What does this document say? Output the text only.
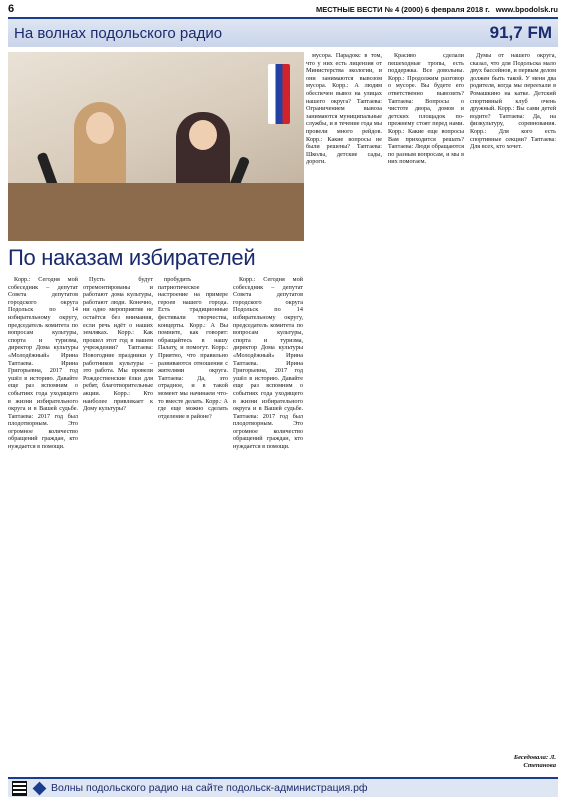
6	МЕСТНЫЕ ВЕСТИ № 4 (2000) 6 февраля 2018 г. www.bpodolsk.ru
На волнах подольского радио	91,7 FM
По наказам избирателей

Корр.: Сегодня мой собеседник – депутат Совета депутатов городского округа Подольск по 14 избирательному округу, председатель комитета по вопросам культуры, спорта и туризма, директор Дома культуры «Молодёжный» Ирина Таптаева. Ирина Григорьевна, 2017 год ушёл в историю. Давайте еще раз вспомним о событиях года уходящего в жизни избирательного округа и в Вашей судьбе. Таптаева: 2017 год был плодотворным. Это огромное количество обращений граждан, кто нуждается в помощи.

Пусть будут отремонтированы и работают дома культуры, работают люди. Конечно, ни одно мероприятие не остаётся без внимания, если речь идёт о наших земляках. Корр.: Как прошел этот год в вашем учреждении? Таптаева: Новогодние праздники у работников культуры – это работа. Мы провели Рождественские ёлки для ребят, благотворительные акции. Корр.: Кто наиболее привлекает к Дому культуры?

пробудить патриотическое настроение на примере героев нашего города. Есть традиционные фестивали творчества, концерты. Корр.: А Вы помните, как говорят: обращайтесь в нашу Палату, и помогут. Корр.: Приятно, что правильно развиваются отношения с жителями округа. Таптаева: Да, это отрадное, и в такой момент мы начинаем что-то вместе делать. Корр.: А где еще можно сделать отделение в районе?

мусора. Парадокс в том, что у них есть лицензия от Министерства экологии, и они занимаются вывозом мусора. Корр.: А людям обеспечен вывоз на улицах нашего округа? Таптаева: Ограничением вывоза занимаются муниципальные службы, и в течение года мы провели много рейдов. Корр.: Какие вопросы не были решены? Таптаева: Школы, детские сады, дороги.

Красиво сделали пешеходные тропы, есть поддержка. Все довольны. Корр.: Продолжим разговор о мусоре. Вы будете его ответственно вывозить? Таптаева: Вопросы о чистоте двора, домов и детских площадок по-прежнему стоят перед нами. Корр.: Какие еще вопросы Вам приходится решать? Таптаева: Люди обращаются по разным вопросам, и мы в них помогаем.

Думы от нашего округа, сказал, что для Подольска мало двух бассейнов, и первым делом должен быть такой. У меня два родителя, когда мы переехали в Ромашкино на катке. Детский спортивный клуб очень дружный. Корр.: Вы сами детей водите? Таптаева: Да, на физкультуру, соревнования. Корр.: Для кого есть спортивные секции? Таптаева: Для всех, кто хочет.

Корр.: Сегодня мой собеседник – депутат Совета депутатов городского округа Подольск по 14 избирательному округу, председатель комитета по вопросам культуры, спорта и туризма, директор Дома культуры «Молодёжный» Ирина Таптаева. Ирина Григорьевна, 2017 год ушёл в историю. Давайте еще раз вспомним о событиях года уходящего в жизни избирательного округа и в Вашей судьбе. Таптаева: 2017 год был плодотворным. Это огромное количество обращений граждан, кто нуждается в помощи.

Беседовала: Л. Степанова
Волны подольского радио на сайте подольск-администрация.рф
